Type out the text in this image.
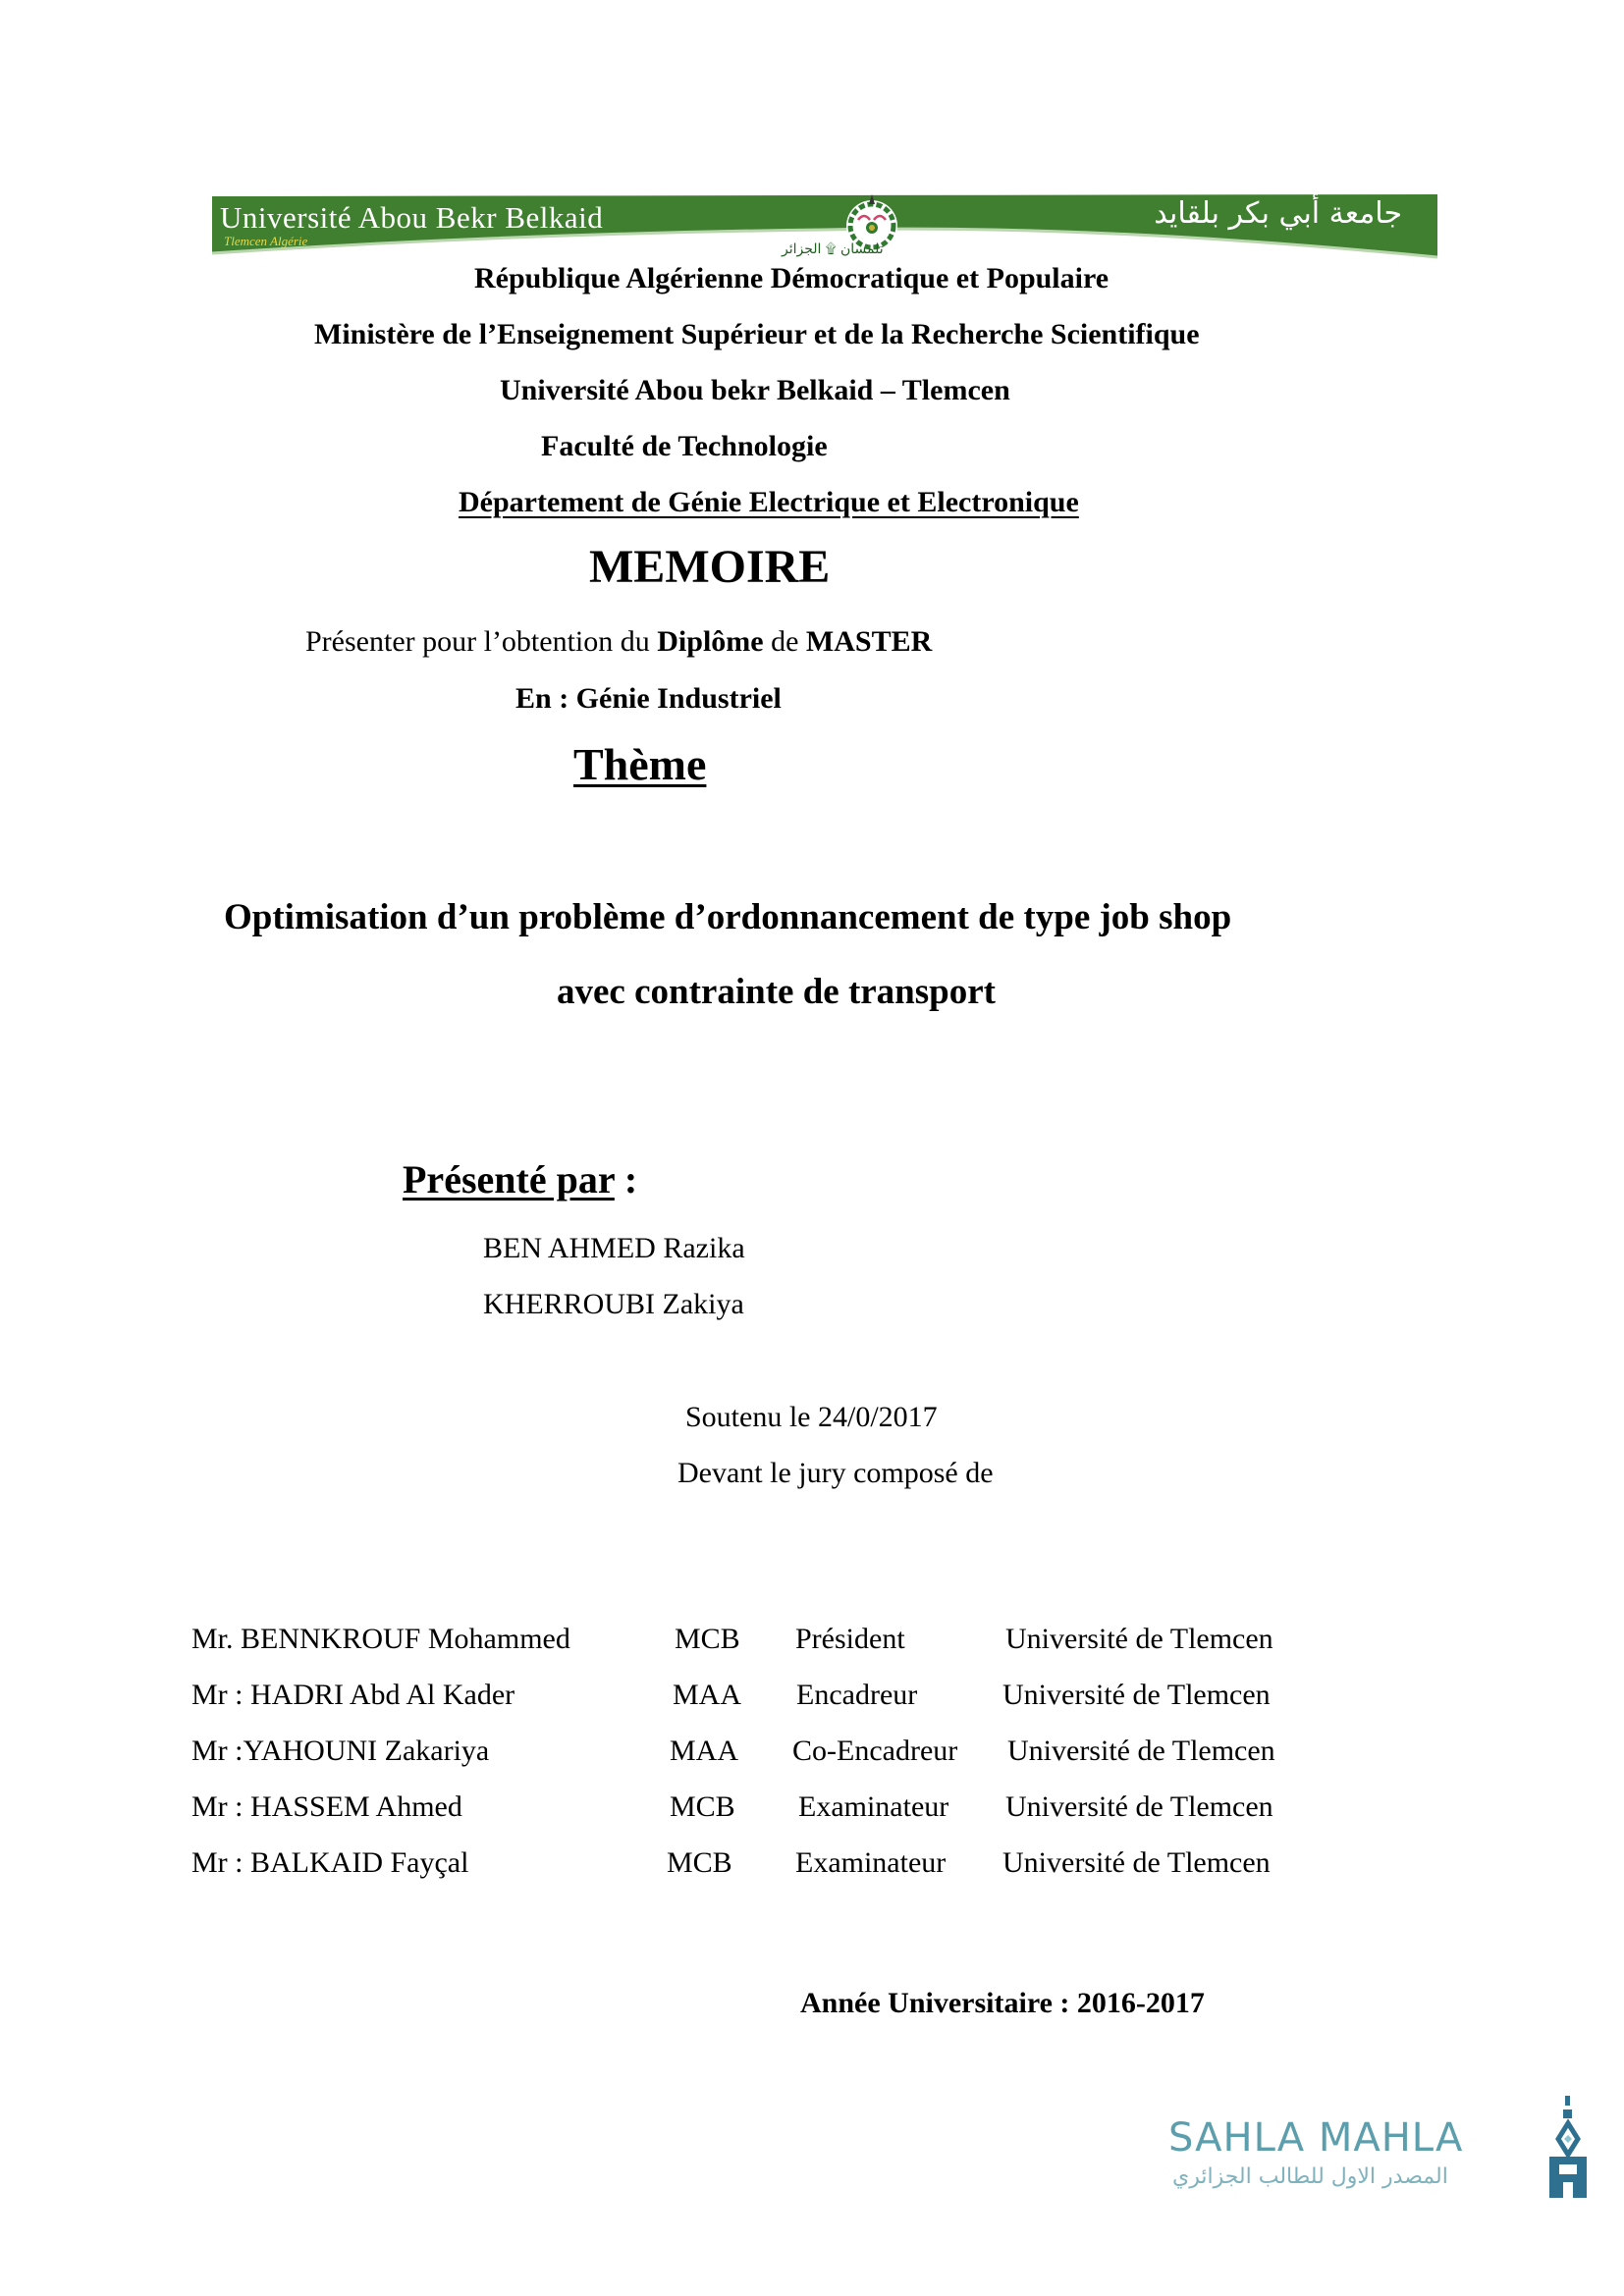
Université Abou Bekr Belkaid
Tlemcen Algérie
تلمسان ۩ الجزائر
جامعة أبي بكر بلقايد
République Algérienne Démocratique et Populaire
Ministère de l’Enseignement Supérieur et de la Recherche Scientifique
Université Abou bekr Belkaid – Tlemcen
Faculté de Technologie
Département de Génie Electrique et Electronique
MEMOIRE
Présenter pour l’obtention du Diplôme de MASTER
En : Génie Industriel
Thème
Optimisation d’un problème d’ordonnancement de type job shop
avec contrainte de transport
Présenté par :
BEN AHMED Razika
KHERROUBI Zakiya
Soutenu le 24/0/2017
Devant le jury composé de
Mr. BENNKROUF Mohammed	MCB Président	Université de Tlemcen
Mr : HADRI Abd Al Kader	MAA Encadreur	Université de Tlemcen
Mr :YAHOUNI Zakariya	MAA Co-Encadreur Université de Tlemcen
Mr : HASSEM Ahmed	MCB Examinateur Université de Tlemcen
Mr : BALKAID Fayçal	MCB Examinateur Université de Tlemcen
Année Universitaire : 2016-2017
SAHLA MAHLA
المصدر الاول للطالب الجزائري
